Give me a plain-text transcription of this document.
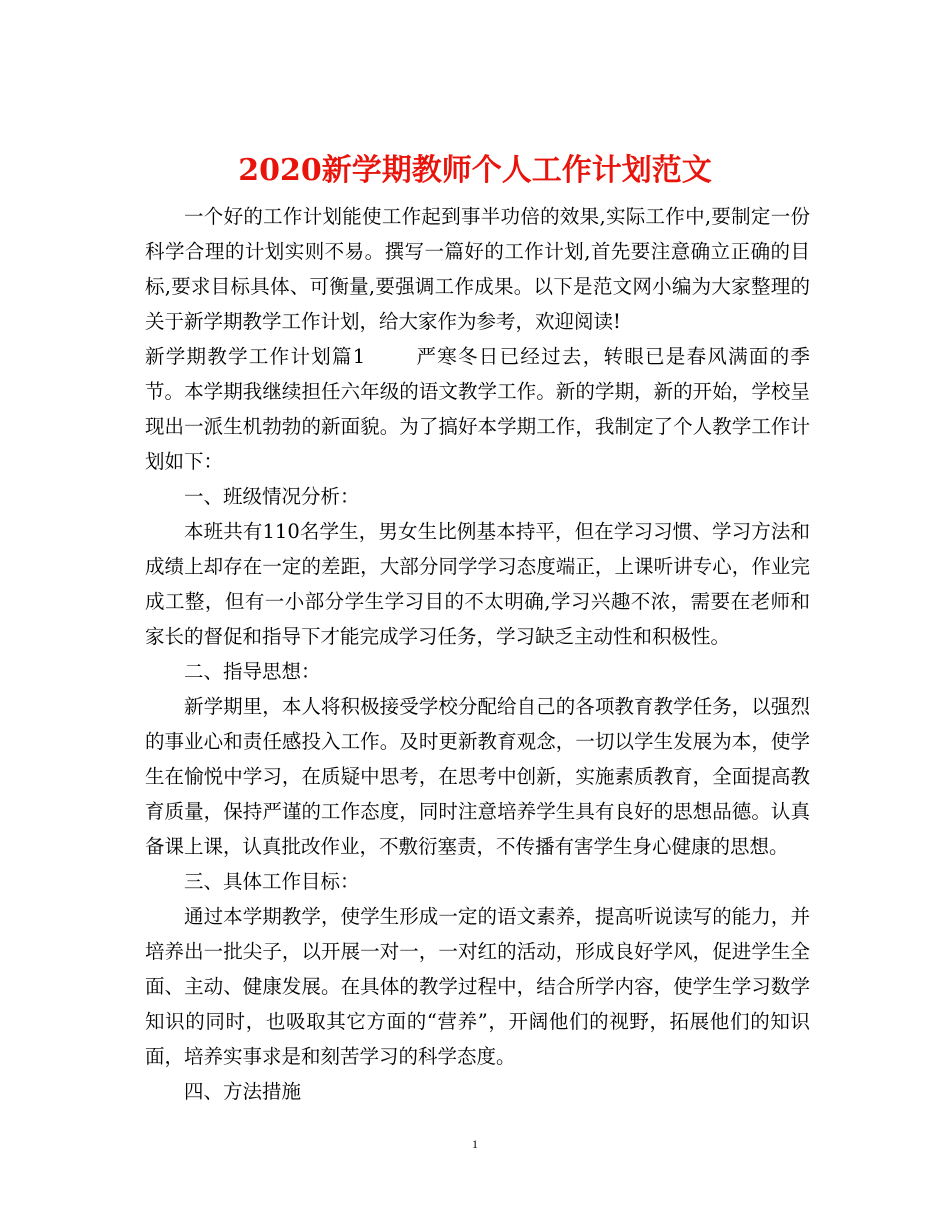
2020新学期教师个人工作计划范文

一个好的工作计划能使工作起到事半功倍的效果,实际工作中,要制定一份科学合理的计划实则不易。撰写一篇好的工作计划,首先要注意确立正确的目标,要求目标具体、可衡量,要强调工作成果。以下是范文网小编为大家整理的关于新学期教学工作计划，给大家作为参考，欢迎阅读!

新学期教学工作计划篇1	严寒冬日已经过去，转眼已是春风满面的季节。本学期我继续担任六年级的语文教学工作。新的学期，新的开始，学校呈现出一派生机勃勃的新面貌。为了搞好本学期工作，我制定了个人教学工作计划如下：

一、班级情况分析：

本班共有110名学生，男女生比例基本持平，但在学习习惯、学习方法和成绩上却存在一定的差距，大部分同学学习态度端正，上课听讲专心，作业完成工整，但有一小部分学生学习目的不太明确,学习兴趣不浓，需要在老师和家长的督促和指导下才能完成学习任务，学习缺乏主动性和积极性。

二、指导思想：

新学期里，本人将积极接受学校分配给自己的各项教育教学任务，以强烈的事业心和责任感投入工作。及时更新教育观念，一切以学生发展为本，使学生在愉悦中学习，在质疑中思考，在思考中创新，实施素质教育，全面提高教育质量，保持严谨的工作态度，同时注意培养学生具有良好的思想品德。认真备课上课，认真批改作业，不敷衍塞责，不传播有害学生身心健康的思想。

三、具体工作目标：

通过本学期教学，使学生形成一定的语文素养，提高听说读写的能力，并培养出一批尖子，以开展一对一，一对红的活动，形成良好学风，促进学生全面、主动、健康发展。在具体的教学过程中，结合所学内容，使学生学习数学知识的同时，也吸取其它方面的“营养”，开阔他们的视野，拓展他们的知识面，培养实事求是和刻苦学习的科学态度。

四、方法措施

1
